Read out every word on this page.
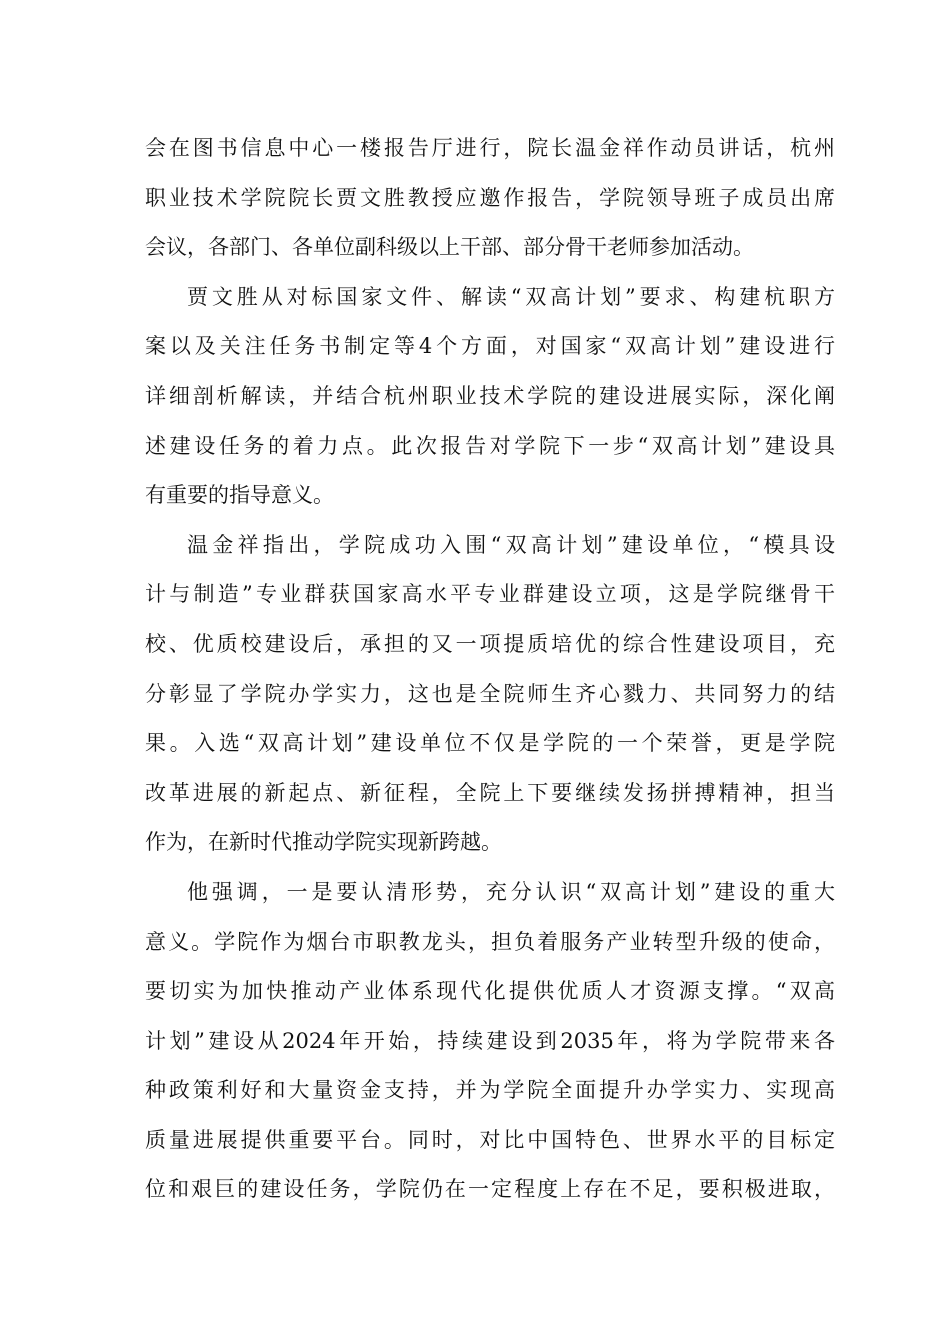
会在图书信息中心一楼报告厅进行，院长温金祥作动员讲话，杭州
职业技术学院院长贾文胜教授应邀作报告，学院领导班子成员出席
会议，各部门、各单位副科级以上干部、部分骨干老师参加活动。
贾文胜从对标国家文件、解读“双高计划”要求、构建杭职方
案以及关注任务书制定等4个方面，对国家“双高计划”建设进行
详细剖析解读，并结合杭州职业技术学院的建设进展实际，深化阐
述建设任务的着力点。此次报告对学院下一步“双高计划”建设具
有重要的指导意义。
温金祥指出，学院成功入围“双高计划”建设单位，“模具设
计与制造”专业群获国家高水平专业群建设立项，这是学院继骨干
校、优质校建设后，承担的又一项提质培优的综合性建设项目，充
分彰显了学院办学实力，这也是全院师生齐心戮力、共同努力的结
果。入选“双高计划”建设单位不仅是学院的一个荣誉，更是学院
改革进展的新起点、新征程，全院上下要继续发扬拼搏精神，担当
作为，在新时代推动学院实现新跨越。
他强调，一是要认清形势，充分认识“双高计划”建设的重大
意义。学院作为烟台市职教龙头，担负着服务产业转型升级的使命，
要切实为加快推动产业体系现代化提供优质人才资源支撑。“双高
计划”建设从2024年开始，持续建设到2035年，将为学院带来各
种政策利好和大量资金支持，并为学院全面提升办学实力、实现高
质量进展提供重要平台。同时，对比中国特色、世界水平的目标定
位和艰巨的建设任务，学院仍在一定程度上存在不足，要积极进取，
